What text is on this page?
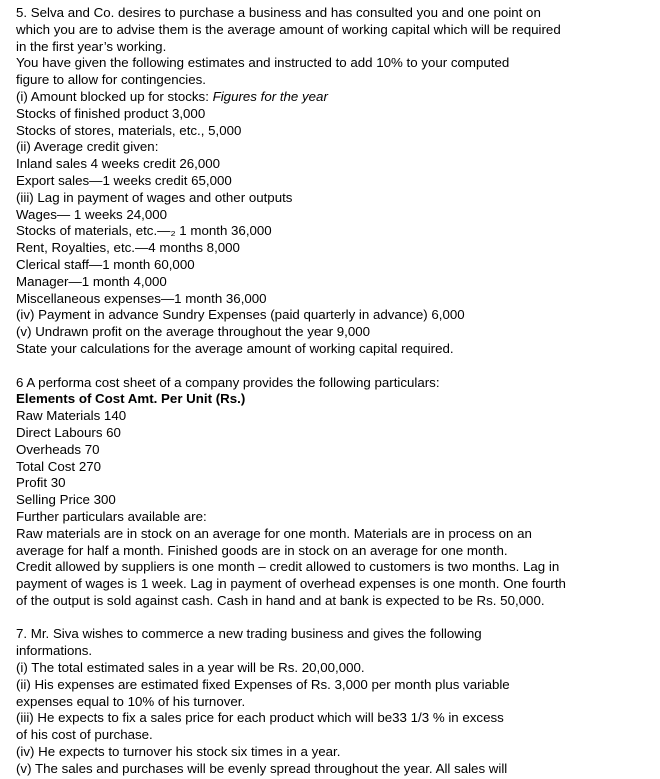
5. Selva and Co. desires to purchase a business and has consulted you and one point on
which you are to advise them is the average amount of working capital which will be required
in the first year’s working.
You have given the following estimates and instructed to add 10% to your computed
figure to allow for contingencies.
(i) Amount blocked up for stocks: Figures for the year
Stocks of finished product 3,000
Stocks of stores, materials, etc., 5,000
(ii) Average credit given:
Inland sales 4 weeks credit 26,000
Export sales—1 weeks credit 65,000
(iii) Lag in payment of wages and other outputs
Wages— 1 weeks 24,000
Stocks of materials, etc.—₂ 1 month 36,000
Rent, Royalties, etc.—4 months 8,000
Clerical staff—1 month 60,000
Manager—1 month 4,000
Miscellaneous expenses—1 month 36,000
(iv) Payment in advance Sundry Expenses (paid quarterly in advance) 6,000
(v) Undrawn profit on the average throughout the year 9,000
State your calculations for the average amount of working capital required.
6 A performa cost sheet of a company provides the following particulars:
Elements of Cost Amt. Per Unit (Rs.)
Raw Materials 140
Direct Labours 60
Overheads 70
Total Cost 270
Profit 30
Selling Price 300
Further particulars available are:
Raw materials are in stock on an average for one month. Materials are in process on an
average for half a month. Finished goods are in stock on an average for one month.
Credit allowed by suppliers is one month – credit allowed to customers is two months. Lag in
payment of wages is 1 week. Lag in payment of overhead expenses is one month. One fourth
of the output is sold against cash. Cash in hand and at bank is expected to be Rs. 50,000.
7. Mr. Siva wishes to commerce a new trading business and gives the following
informations.
(i) The total estimated sales in a year will be Rs. 20,00,000.
(ii) His expenses are estimated fixed Expenses of Rs. 3,000 per month plus variable
expenses equal to 10% of his turnover.
(iii) He expects to fix a sales price for each product which will be33 1/3 % in excess
of his cost of purchase.
(iv) He expects to turnover his stock six times in a year.
(v) The sales and purchases will be evenly spread throughout the year. All sales will
